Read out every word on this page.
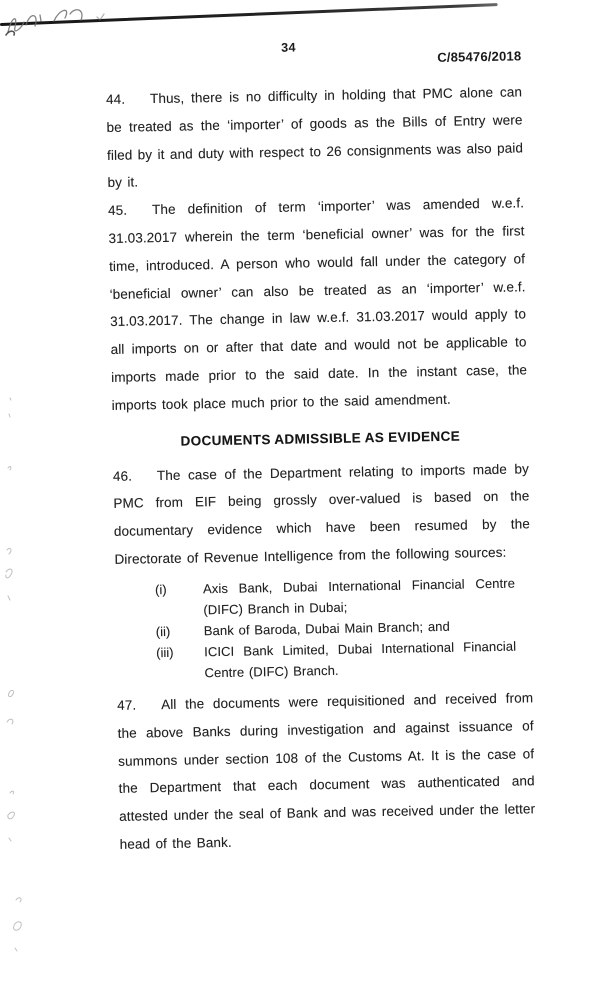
34
C/85476/2018

44. Thus, there is no difficulty in holding that PMC alone can be treated as the ‘importer’ of goods as the Bills of Entry were filed by it and duty with respect to 26 consignments was also paid by it.

45. The definition of term ‘importer’ was amended w.e.f. 31.03.2017 wherein the term ‘beneficial owner’ was for the first time, introduced. A person who would fall under the category of ‘beneficial owner’ can also be treated as an ‘importer’ w.e.f. 31.03.2017. The change in law w.e.f. 31.03.2017 would apply to all imports on or after that date and would not be applicable to imports made prior to the said date. In the instant case, the imports took place much prior to the said amendment.

DOCUMENTS ADMISSIBLE AS EVIDENCE

46. The case of the Department relating to imports made by PMC from EIF being grossly over-valued is based on the documentary evidence which have been resumed by the Directorate of Revenue Intelligence from the following sources:

(i)	Axis Bank, Dubai International Financial Centre (DIFC) Branch in Dubai;
(ii)	Bank of Baroda, Dubai Main Branch; and
(iii)	ICICI Bank Limited, Dubai International Financial Centre (DIFC) Branch.

47. All the documents were requisitioned and received from the above Banks during investigation and against issuance of summons under section 108 of the Customs At. It is the case of the Department that each document was authenticated and attested under the seal of Bank and was received under the letter head of the Bank.
